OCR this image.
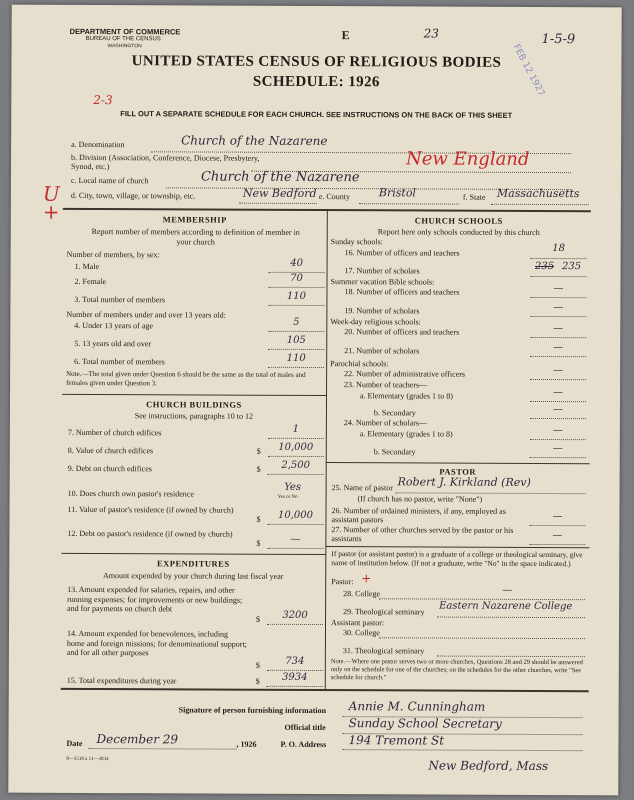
DEPARTMENT OF COMMERCE
BUREAU OF THE CENSUS
WASHINGTON
E	23	1-5-9
FEB 12 1927
UNITED STATES CENSUS OF RELIGIOUS BODIES
SCHEDULE: 1926
2-3
FILL OUT A SEPARATE SCHEDULE FOR EACH CHURCH. SEE INSTRUCTIONS ON THE BACK OF THIS SHEET
a. Denomination	Church of the Nazarene
b. Division (Association, Conference, Diocese, Presbytery, Synod, etc.)	New England
c. Local name of church	Church of the Nazarene
U +
d. City, town, village, or township, etc.	New Bedford e. County	Bristol	f. State Massachusetts
MEMBERSHIP
Report number of members according to definition of member in your church
Number of members, by sex:
1. Male	40
2. Female	70
3. Total number of members	110
Number of members under and over 13 years old:
4. Under 13 years of age	5
5. 13 years old and over	105
6. Total number of members	110
Note.—The total given under Question 6 should be the same as the total of males and females given under Question 3.
CHURCH BUILDINGS
See instructions, paragraphs 10 to 12
7. Number of church edifices	1
8. Value of church edifices	$	10,000
9. Debt on church edifices	$	2,500
10. Does church own pastor's residence
Yes
Yes or No
11. Value of pastor's residence (if owned by church)
$	10,000
12. Debt on pastor's residence (if owned by church)
$	—
EXPENDITURES
Amount expended by your church during last fiscal year
13. Amount expended for salaries, repairs, and other running expenses; for improvements or new buildings; and for payments on church debt
$	3200
14. Amount expended for benevolences, including home and foreign missions; for denominational support; and for all other purposes
$	734
15. Total expenditures during year	$	3934
CHURCH SCHOOLS
Report here only schools conducted by this church
Sunday schools:
16. Number of officers and teachers	18
17. Number of scholars	235 235
Summer vacation Bible schools:
18. Number of officers and teachers	—
19. Number of scholars	—
Week-day religious schools:
20. Number of officers and teachers	—
21. Number of scholars	—
Parochial schools:
22. Number of administrative officers	—
23. Number of teachers—
a. Elementary (grades 1 to 8)	—
b. Secondary	—
24. Number of scholars—
a. Elementary (grades 1 to 8)	—
b. Secondary	—
PASTOR
25. Name of pastor Robert J. Kirkland (Rev)
(If church has no pastor, write "None")
26. Number of ordained ministers, if any, employed as assistant pastors	—
27. Number of other churches served by the pastor or his assistants	—
If pastor (or assistant pastor) is a graduate of a college or theological seminary, give name of institution below. (If not a graduate, write "No" in the space indicated.)
Pastor: +
28. College	—
29. Theological seminary Eastern Nazarene College
Assistant pastor:
30. College
31. Theological seminary
Note.—Where one pastor serves two or more churches, Questions 28 and 29 should be answered only on the schedule for one of the churches; on the schedules for the other churches, write "See schedule for church."
Signature of person furnishing information Annie M. Cunningham
Official title Sunday School Secretary
Date December 29	, 1926	P. O. Address 194 Tremont St
8—5518 a 11—3034	New Bedford, Mass
